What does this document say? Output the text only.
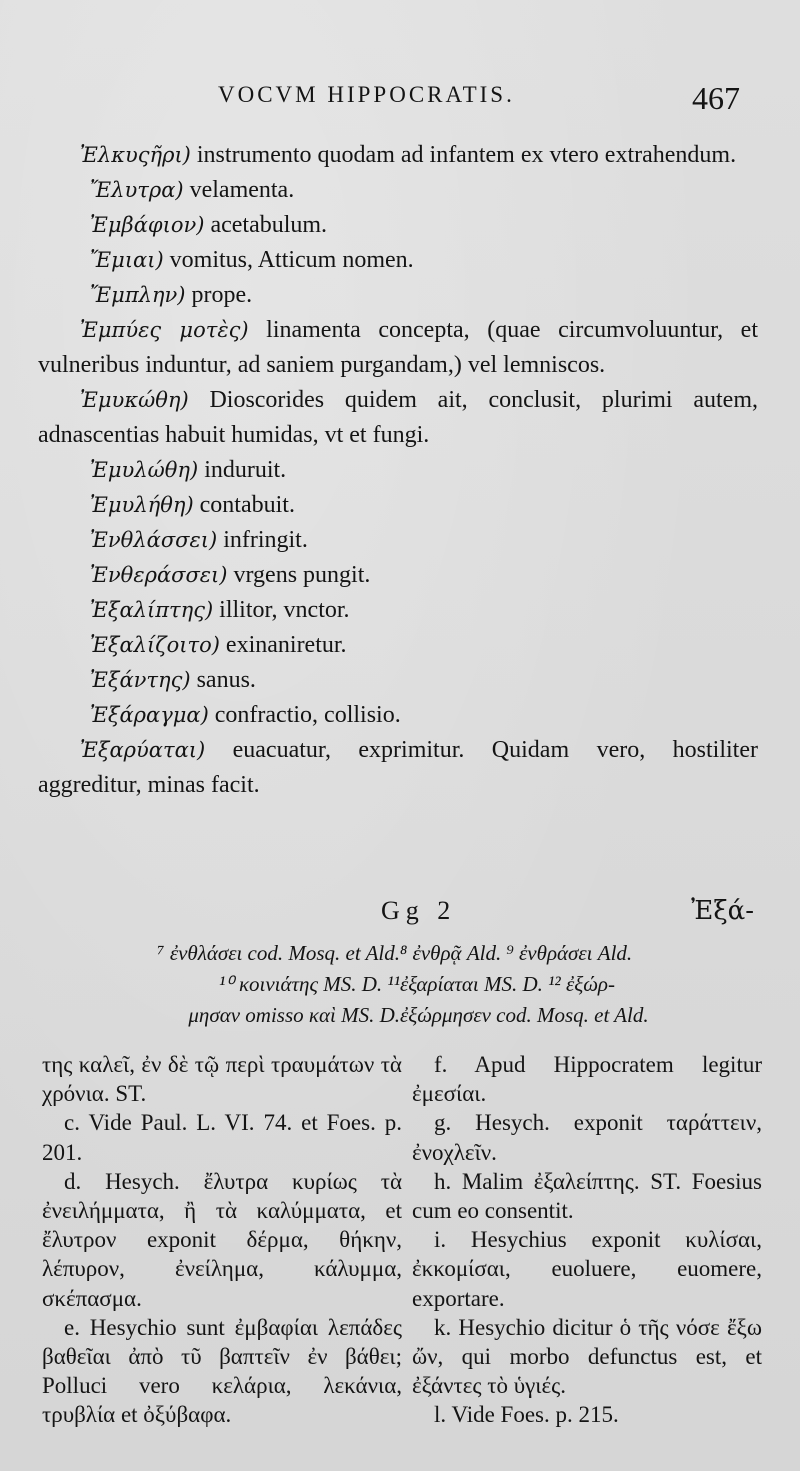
VOCVM HIPPOCRATIS.	467
Ἐλκυςῆρι) instrumento quodam ad infantem ex vtero extrahendum.
Ἔλυτρα) velamenta.
Ἐμβάφιον) acetabulum.
Ἔμιαι) vomitus, Atticum nomen.
Ἔμπλην) prope.
Ἐμπύες μοτὲς) linamenta concepta, (quae circumvoluuntur, et vulneribus induntur, ad saniem purgandam,) vel lemniscos.
Ἐμυκώθη) Dioscorides quidem ait, conclusit, plurimi autem, adnascentias habuit humidas, vt et fungi.
Ἐμυλώθη) induruit.
Ἐμυλήθη) contabuit.
Ἐνθλάσσει) infringit.
Ἐνθεράσσει) vrgens pungit.
Ἐξαλίπτης) illitor, vnctor.
Ἐξαλίζοιτο) exinaniretur.
Ἐξάντης) sanus.
Ἐξάραγμα) confractio, collisio.
Ἐξαρύαται) euacuatur, exprimitur. Quidam vero, hostiliter aggreditur, minas facit.
Gg 2	Ἐξά-
⁷ ἐνθλάσει cod. Mosq. et Ald.
¹⁰ κοινιάτης MS. D. ¹¹
μησαν omisso καὶ MS. D.
⁸ ἐνθρᾷ Ald. ⁹ ἐνθράσει Ald.
ἐξαρίαται MS. D. ¹² ἐξώρ-
ἐξώρμησεν cod. Mosq. et Ald.
της καλεῖ, ἐν δὲ τῷ περὶ τραυμάτων τὰ χρόνια. ST.
c. Vide Paul. L. VI. 74. et Foes. p. 201.
d. Hesych. ἔλυτρα κυρίως τὰ ἐνειλήμματα, ἢ τὰ καλύμματα, et ἔλυτρον exponit δέρμα, θήκην, λέπυρον, ἐνείλημα, κάλυμμα, σκέπασμα.
e. Hesychio sunt ἐμβαφίαι λεπάδες βαθεῖαι ἀπὸ τῦ βαπτεῖν ἐν βάθει; Polluci vero κελάρια, λεκάνια, τρυβλία et ὀξύβαφα.
f. Apud Hippocratem legitur ἐμεσίαι.
g. Hesych. exponit ταράττειν, ἐνοχλεῖν.
h. Malim ἐξαλείπτης. ST. Foesius cum eo consentit.
i. Hesychius exponit κυλίσαι, ἐκκομίσαι, euoluere, euomere, exportare.
k. Hesychio dicitur ὁ τῆς νόσε ἔξω ὤν, qui morbo defunctus est, et ἐξάντες τὸ ὑγιές.
l. Vide Foes. p. 215.
